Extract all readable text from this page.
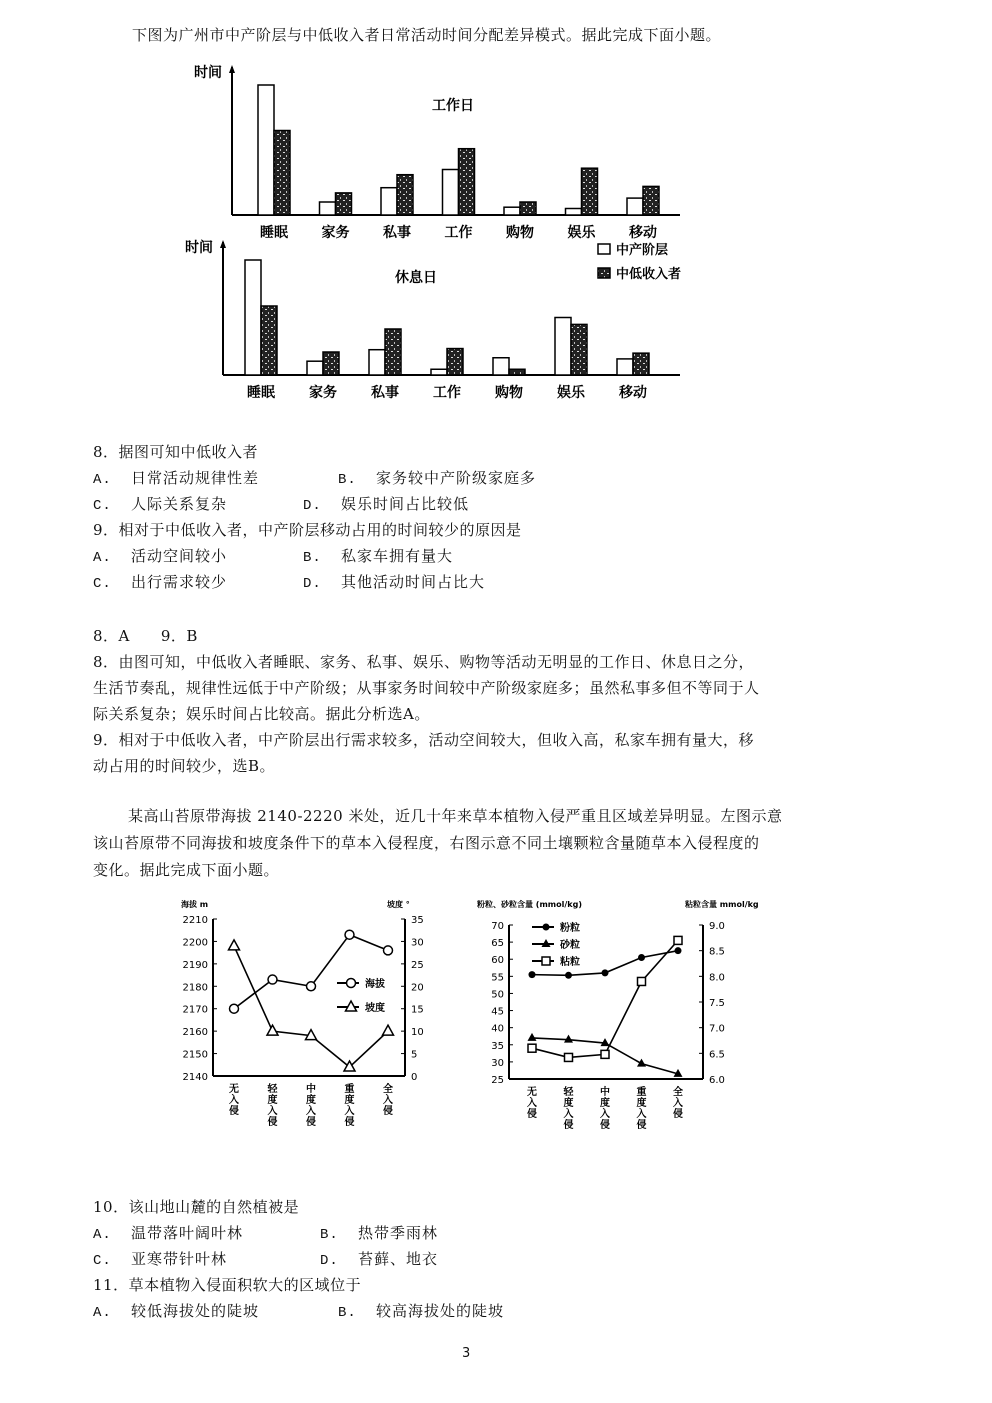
下图为广州市中产阶层与中低收入者日常活动时间分配差异模式。据此完成下面小题。
时间
工作日
睡眠 家务 私事 工作 购物 娱乐 移动
时间
休息日
睡眠 家务 私事 工作 购物 娱乐 移动
中产阶层
中低收入者
8．据图可知中低收入者
A. 日常活动规律性差	B. 家务较中产阶级家庭多
C. 人际关系复杂	D. 娱乐时间占比较低
9．相对于中低收入者，中产阶层移动占用的时间较少的原因是
A. 活动空间较小	B. 私家车拥有量大
C. 出行需求较少	D. 其他活动时间占比大
8．A　　9．B
8．由图可知，中低收入者睡眠、家务、私事、娱乐、购物等活动无明显的工作日、休息日之分，
生活节奏乱，规律性远低于中产阶级；从事家务时间较中产阶级家庭多；虽然私事多但不等同于人
际关系复杂；娱乐时间占比较高。据此分析选A。
9．相对于中低收入者，中产阶层出行需求较多，活动空间较大，但收入高，私家车拥有量大，移
动占用的时间较少，选B。
某高山苔原带海拔 2140-2220 米处，近几十年来草本植物入侵严重且区域差异明显。左图示意
该山苔原带不同海拔和坡度条件下的草本入侵程度，右图示意不同土壤颗粒含量随草本入侵程度的
变化。据此完成下面小题。
海拔 m	坡度 °
2210
2200
2190
2180
2170
2160
2150
2140
35
30
25
20
15
10
5
0
无
入
侵
轻
度
入
侵
中
度
入
侵
重
度
入
侵
全
入
侵
海拔
坡度
粉粒、砂粒含量 (mmol/kg)	粘粒含量 mmol/kg
70
65
60
55
50
45
40
35
30
25
9.0
8.5
8.0
7.5
7.0
6.5
6.0
无
入
侵
轻
度
入
侵
中
度
入
侵
重
度
入
侵
全
入
侵
粉粒
砂粒
粘粒
10．该山地山麓的自然植被是
A. 温带落叶阔叶林	B. 热带季雨林
C. 亚寒带针叶林	D. 苔藓、地衣
11．草本植物入侵面积软大的区域位于
A. 较低海拔处的陡坡	B. 较高海拔处的陡坡
3
